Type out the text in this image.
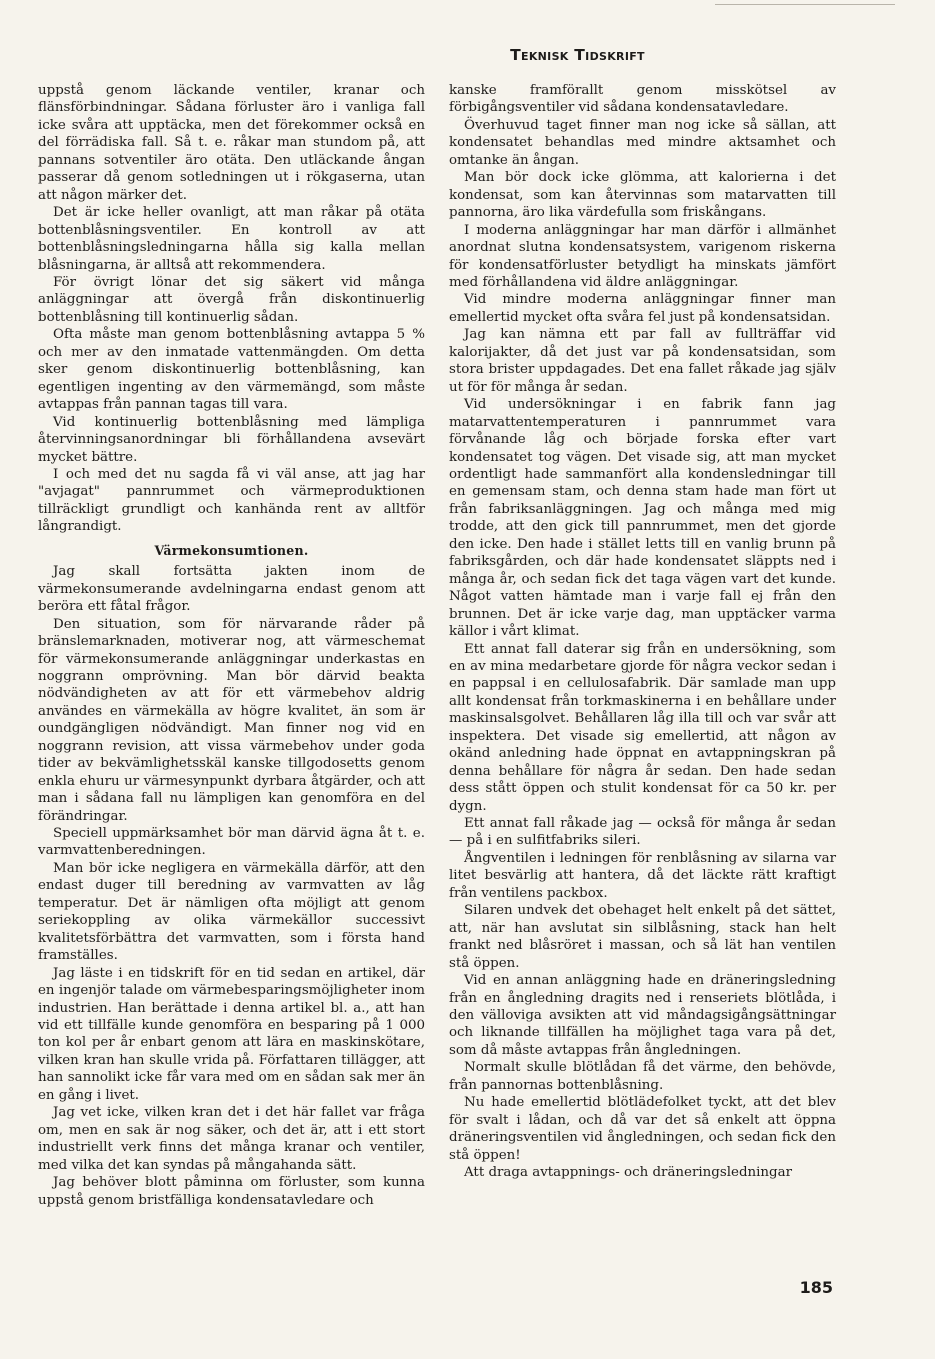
Teknisk Tidskrift

uppstå genom läckande ventiler, kranar och flänsförbindningar. Sådana förluster äro i vanliga fall icke svåra att upptäcka, men det förekommer också en del förrädiska fall. Så t. e. råkar man stundom på, att pannans sotventiler äro otäta. Den utläckande ångan passerar då genom sotledningen ut i rökgaserna, utan att någon märker det.

Det är icke heller ovanligt, att man råkar på otäta bottenblåsningsventiler. En kontroll av att bottenblåsningsledningarna hålla sig kalla mellan blåsningarna, är alltså att rekommendera.

För övrigt lönar det sig säkert vid många anläggningar att övergå från diskontinuerlig bottenblåsning till kontinuerlig sådan.

Ofta måste man genom bottenblåsning avtappa 5 % och mer av den inmatade vattenmängden. Om detta sker genom diskontinuerlig bottenblåsning, kan egentligen ingenting av den värmemängd, som måste avtappas från pannan tagas till vara.

Vid kontinuerlig bottenblåsning med lämpliga återvinningsanordningar bli förhållandena avsevärt mycket bättre.

I och med det nu sagda få vi väl anse, att jag har "avjagat" pannrummet och värmeproduktionen tillräckligt grundligt och kanhända rent av alltför långrandigt.

Värmekonsumtionen.

Jag skall fortsätta jakten inom de värmekonsumerande avdelningarna endast genom att beröra ett fåtal frågor.

Den situation, som för närvarande råder på bränslemarknaden, motiverar nog, att värmeschemat för värmekonsumerande anläggningar underkastas en noggrann omprövning. Man bör därvid beakta nödvändigheten av att för ett värmebehov aldrig användes en värmekälla av högre kvalitet, än som är oundgängligen nödvändigt. Man finner nog vid en noggrann revision, att vissa värmebehov under goda tider av bekvämlighetsskäl kanske tillgodosetts genom enkla ehuru ur värmesynpunkt dyrbara åtgärder, och att man i sådana fall nu lämpligen kan genomföra en del förändringar.

Speciell uppmärksamhet bör man därvid ägna åt t. e. varmvattenberedningen.

Man bör icke negligera en värmekälla därför, att den endast duger till beredning av varmvatten av låg temperatur. Det är nämligen ofta möjligt att genom seriekoppling av olika värmekällor successivt kvalitetsförbättra det varmvatten, som i första hand framställes.

Jag läste i en tidskrift för en tid sedan en artikel, där en ingenjör talade om värmebesparingsmöjligheter inom industrien. Han berättade i denna artikel bl. a., att han vid ett tillfälle kunde genomföra en besparing på 1 000 ton kol per år enbart genom att lära en maskinskötare, vilken kran han skulle vrida på. Författaren tillägger, att han sannolikt icke får vara med om en sådan sak mer än en gång i livet.

Jag vet icke, vilken kran det i det här fallet var fråga om, men en sak är nog säker, och det är, att i ett stort industriellt verk finns det många kranar och ventiler, med vilka det kan syndas på mångahanda sätt.

Jag behöver blott påminna om förluster, som kunna uppstå genom bristfälliga kondensatavledare och

kanske framförallt genom misskötsel av förbigångsventiler vid sådana kondensatavledare.

Överhuvud taget finner man nog icke så sällan, att kondensatet behandlas med mindre aktsamhet och omtanke än ångan.

Man bör dock icke glömma, att kalorierna i det kondensat, som kan återvinnas som matarvatten till pannorna, äro lika värdefulla som friskångans.

I moderna anläggningar har man därför i allmänhet anordnat slutna kondensatsystem, varigenom riskerna för kondensatförluster betydligt ha minskats jämfört med förhållandena vid äldre anläggningar.

Vid mindre moderna anläggningar finner man emellertid mycket ofta svåra fel just på kondensatsidan.

Jag kan nämna ett par fall av fullträffar vid kalorijakter, då det just var på kondensatsidan, som stora brister uppdagades. Det ena fallet råkade jag själv ut för för många år sedan.

Vid undersökningar i en fabrik fann jag matarvattentemperaturen i pannrummet vara förvånande låg och började forska efter vart kondensatet tog vägen. Det visade sig, att man mycket ordentligt hade sammanfört alla kondensledningar till en gemensam stam, och denna stam hade man fört ut från fabriksanläggningen. Jag och många med mig trodde, att den gick till pannrummet, men det gjorde den icke. Den hade i stället letts till en vanlig brunn på fabriksgården, och där hade kondensatet släppts ned i många år, och sedan fick det taga vägen vart det kunde. Något vatten hämtade man i varje fall ej från den brunnen. Det är icke varje dag, man upptäcker varma källor i vårt klimat.

Ett annat fall daterar sig från en undersökning, som en av mina medarbetare gjorde för några veckor sedan i en pappsal i en cellulosafabrik. Där samlade man upp allt kondensat från torkmaskinerna i en behållare under maskinsalsgolvet. Behållaren låg illa till och var svår att inspektera. Det visade sig emellertid, att någon av okänd anledning hade öppnat en avtappningskran på denna behållare för några år sedan. Den hade sedan dess stått öppen och stulit kondensat för ca 50 kr. per dygn.

Ett annat fall råkade jag — också för många år sedan — på i en sulfitfabriks sileri.

Ångventilen i ledningen för renblåsning av silarna var litet besvärlig att hantera, då det läckte rätt kraftigt från ventilens packbox.

Silaren undvek det obehaget helt enkelt på det sättet, att, när han avslutat sin silblåsning, stack han helt frankt ned blåsröret i massan, och så lät han ventilen stå öppen.

Vid en annan anläggning hade en dräneringsledning från en ångledning dragits ned i renseriets blötlåda, i den välloviga avsikten att vid måndagsigångsättningar och liknande tillfällen ha möjlighet taga vara på det, som då måste avtappas från ångledningen.

Normalt skulle blötlådan få det värme, den behövde, från pannornas bottenblåsning.

Nu hade emellertid blötlädefolket tyckt, att det blev för svalt i lådan, och då var det så enkelt att öppna dräneringsventilen vid ångledningen, och sedan fick den stå öppen!

Att draga avtappnings- och dräneringsledningar

185
